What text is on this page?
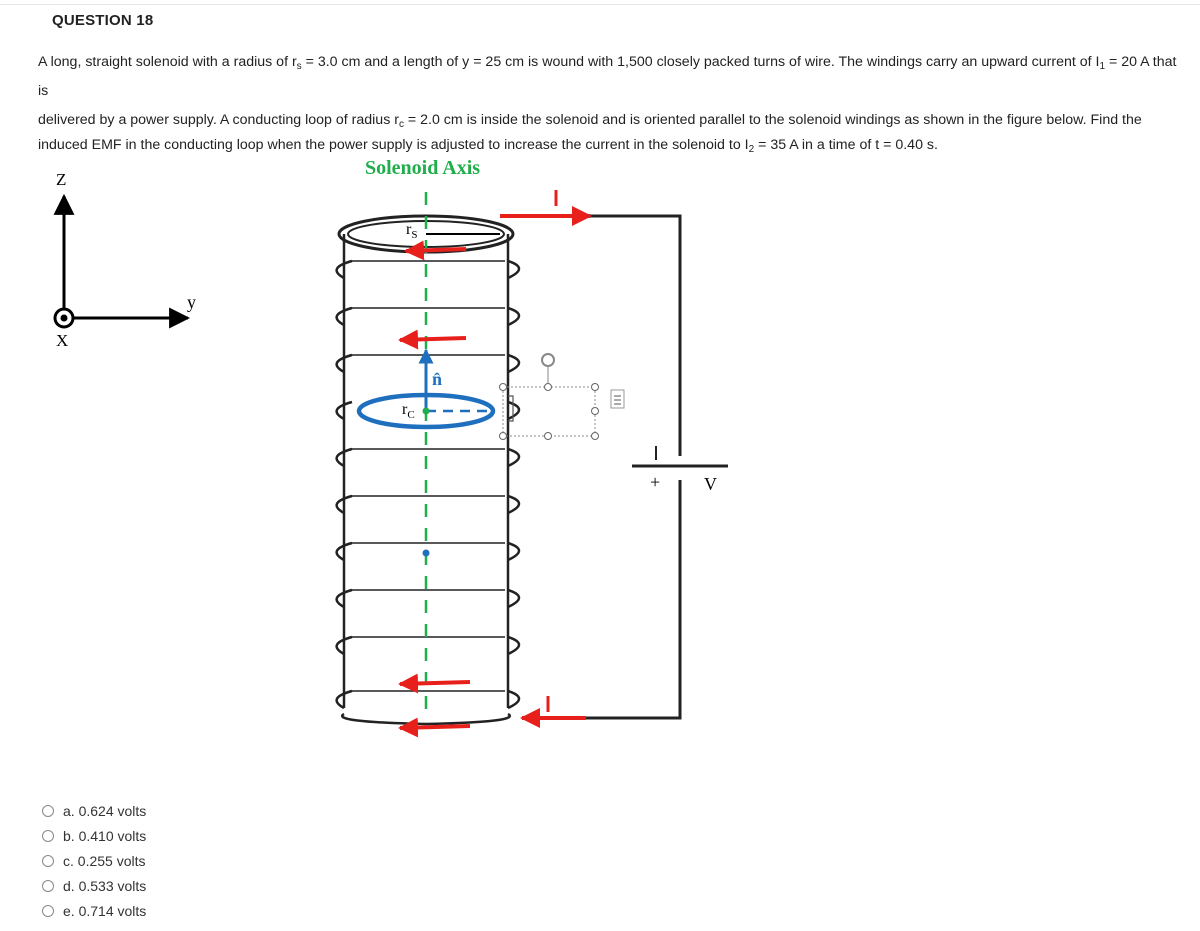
QUESTION 18

A long, straight solenoid with a radius of $r_s = 3.0$ cm and a length of y = 25 cm is wound with 1,500 closely packed turns of wire. The windings carry an upward current of $I_1 = 20$ A that is

delivered by a power supply. A conducting loop of radius $r_c = 2.0$ cm is inside the solenoid and is oriented parallel to the solenoid windings as shown in the figure below. Find the induced EMF in the conducting loop when the power supply is adjusted to increase the current in the solenoid to $I_2 = 35$ A in a time of t = 0.40 s.

Z
y
X
Solenoid Axis
$r_S$
n̂
$r_C$
+ V
a. 0.624 volts
b. 0.410 volts
c. 0.255 volts
d. 0.533 volts
e. 0.714 volts
